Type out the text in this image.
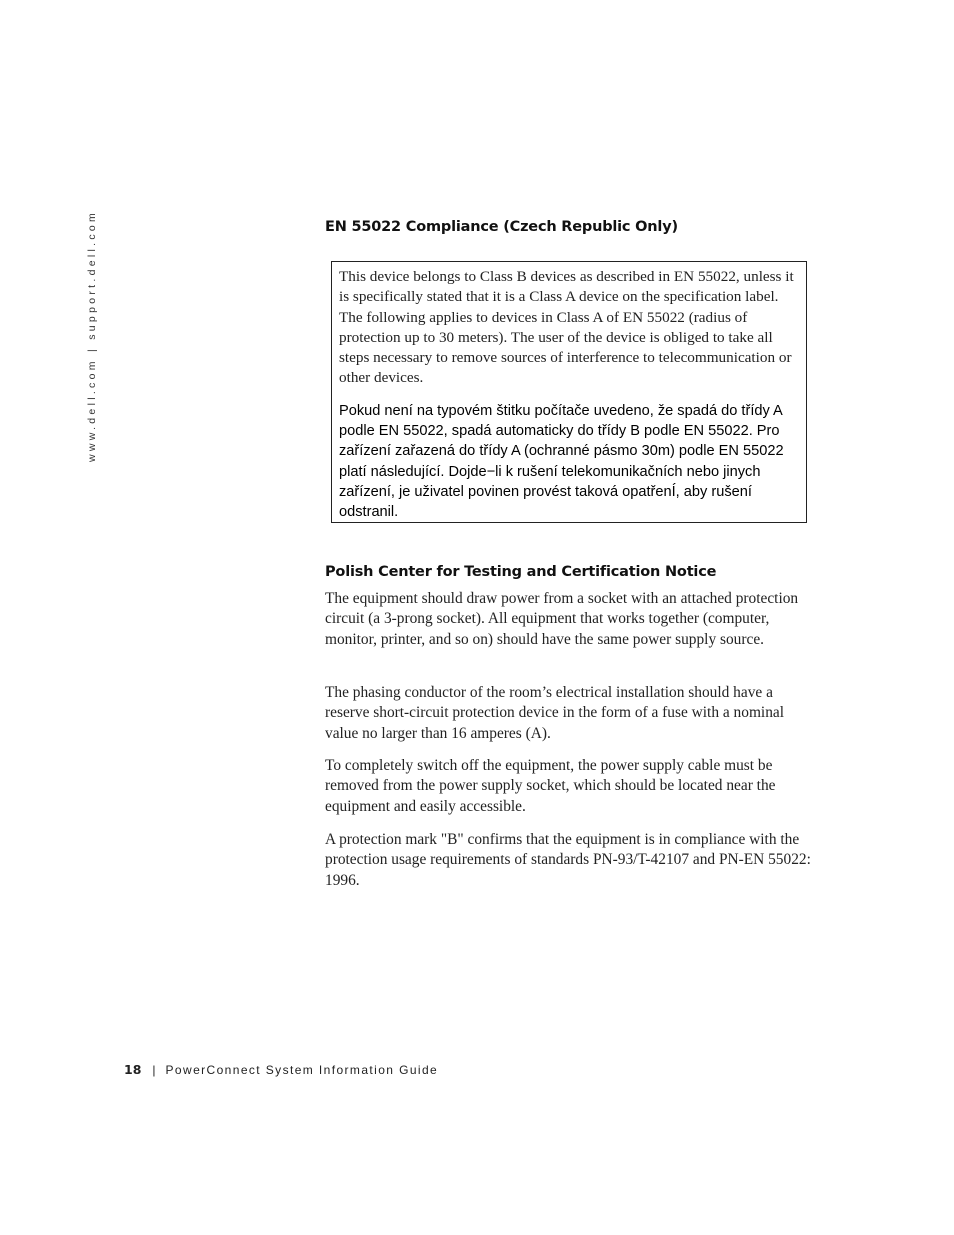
www.dell.com | support.dell.com	EN 55022 Compliance (Czech Republic Only)

This device belongs to Class B devices as described in EN 55022, unless it is specifically stated that it is a Class A device on the specification label. The following applies to devices in Class A of EN 55022 (radius of protection up to 30 meters). The user of the device is obliged to take all steps necessary to remove sources of interference to telecommunication or other devices.

Pokud není na typovém štitku počítače uvedeno, že spadá do třídy A podle EN 55022, spadá automaticky do třídy B podle EN 55022. Pro zařízení zařazená do třídy A (ochranné pásmo 30m) podle EN 55022 platí následující. Dojde−li k rušení telekomunikačních nebo jinych zařízení, je uživatel povinen provést taková opatřenÍ, aby rušení odstranil.

Polish Center for Testing and Certification Notice

The equipment should draw power from a socket with an attached protection circuit (a 3-prong socket). All equipment that works together (computer, monitor, printer, and so on) should have the same power supply source.

The phasing conductor of the room’s electrical installation should have a reserve short-circuit protection device in the form of a fuse with a nominal value no larger than 16 amperes (A).

To completely switch off the equipment, the power supply cable must be removed from the power supply socket, which should be located near the equipment and easily accessible.

A protection mark "B" confirms that the equipment is in compliance with the protection usage requirements of standards PN-93/T-42107 and PN-EN 55022: 1996.

18 | PowerConnect System Information Guide
